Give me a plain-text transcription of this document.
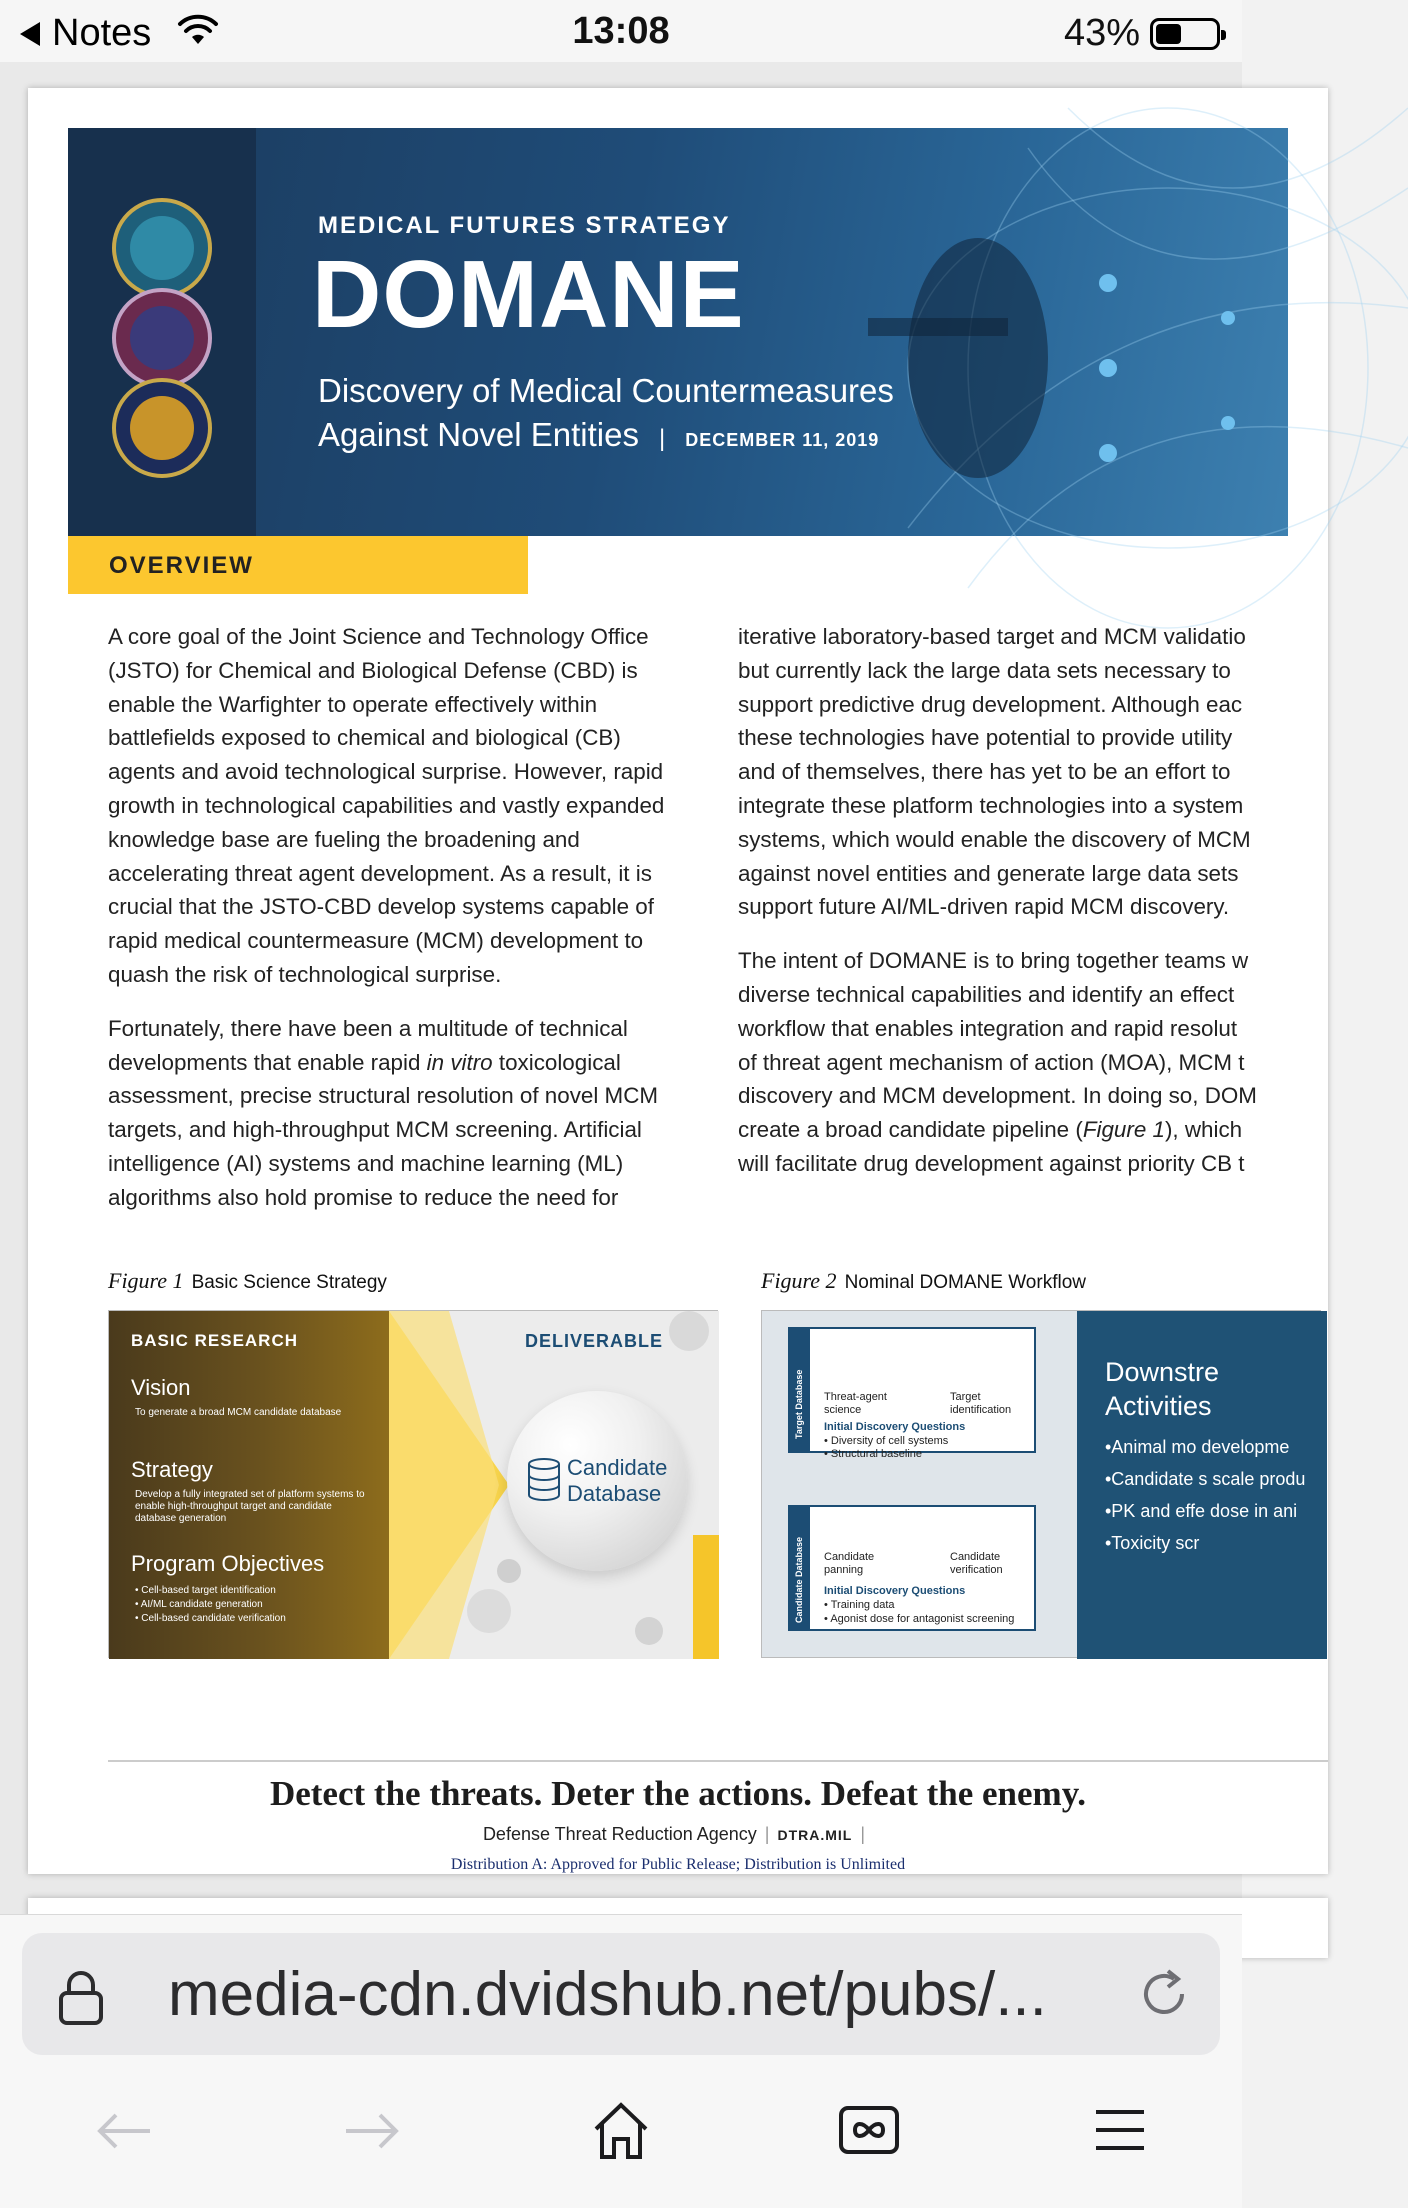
Notes	13:08	43%
MEDICAL FUTURES STRATEGY
DOMANE
Discovery of Medical Countermeasures
Against Novel Entities | DECEMBER 11, 2019
OVERVIEW

A core goal of the Joint Science and Technology Office (JSTO) for Chemical and Biological Defense (CBD) is enable the Warfighter to operate effectively within battlefields exposed to chemical and biological (CB) agents and avoid technological surprise. However, rapid growth in technological capabilities and vastly expanded knowledge base are fueling the broadening and accelerating threat agent development. As a result, it is crucial that the JSTO-CBD develop systems capable of rapid medical countermeasure (MCM) development to quash the risk of technological surprise.

Fortunately, there have been a multitude of technical developments that enable rapid in vitro toxicological assessment, precise structural resolution of novel MCM targets, and high-throughput MCM screening. Artificial intelligence (AI) systems and machine learning (ML) algorithms also hold promise to reduce the need for

iterative laboratory-based target and MCM validatio
but currently lack the large data sets necessary to
support predictive drug development. Although eac
these technologies have potential to provide utility
and of themselves, there has yet to be an effort to
integrate these platform technologies into a system
systems, which would enable the discovery of MCM
against novel entities and generate large data sets
support future AI/ML-driven rapid MCM discovery.
The intent of DOMANE is to bring together teams w
diverse technical capabilities and identify an effect
workflow that enables integration and rapid resolut
of threat agent mechanism of action (MOA), MCM t
discovery and MCM development. In doing so, DOM
create a broad candidate pipeline (Figure 1), which
will facilitate drug development against priority CB t
Figure 1 Basic Science Strategy
BASIC RESEARCH
Vision
To generate a broad MCM candidate database
Strategy
Develop a fully integrated set of platform systems to enable high-throughput target and candidate database generation
Program Objectives
• Cell-based target identification
• AI/ML candidate generation
• Cell-based candidate verification
DELIVERABLE
Candidate
Database
Figure 2 Nominal DOMANE Workflow
Target Database Threat-agent science
Target identification
Initial Discovery Questions
• Diversity of cell systems
• Structural baseline
Candidate Database Candidate panning
Candidate verification
Initial Discovery Questions
• Training data
• Agonist dose for antagonist screening
Downstre
Activities
•Animal mo developme
•Candidate s scale produ
•PK and effe dose in ani
•Toxicity scr
Detect the threats. Deter the actions. Defeat the enemy.
Defense Threat Reduction Agency | DTRA.MIL |
Distribution A: Approved for Public Release; Distribution is Unlimited
media-cdn.dvidshub.net/pubs/...
